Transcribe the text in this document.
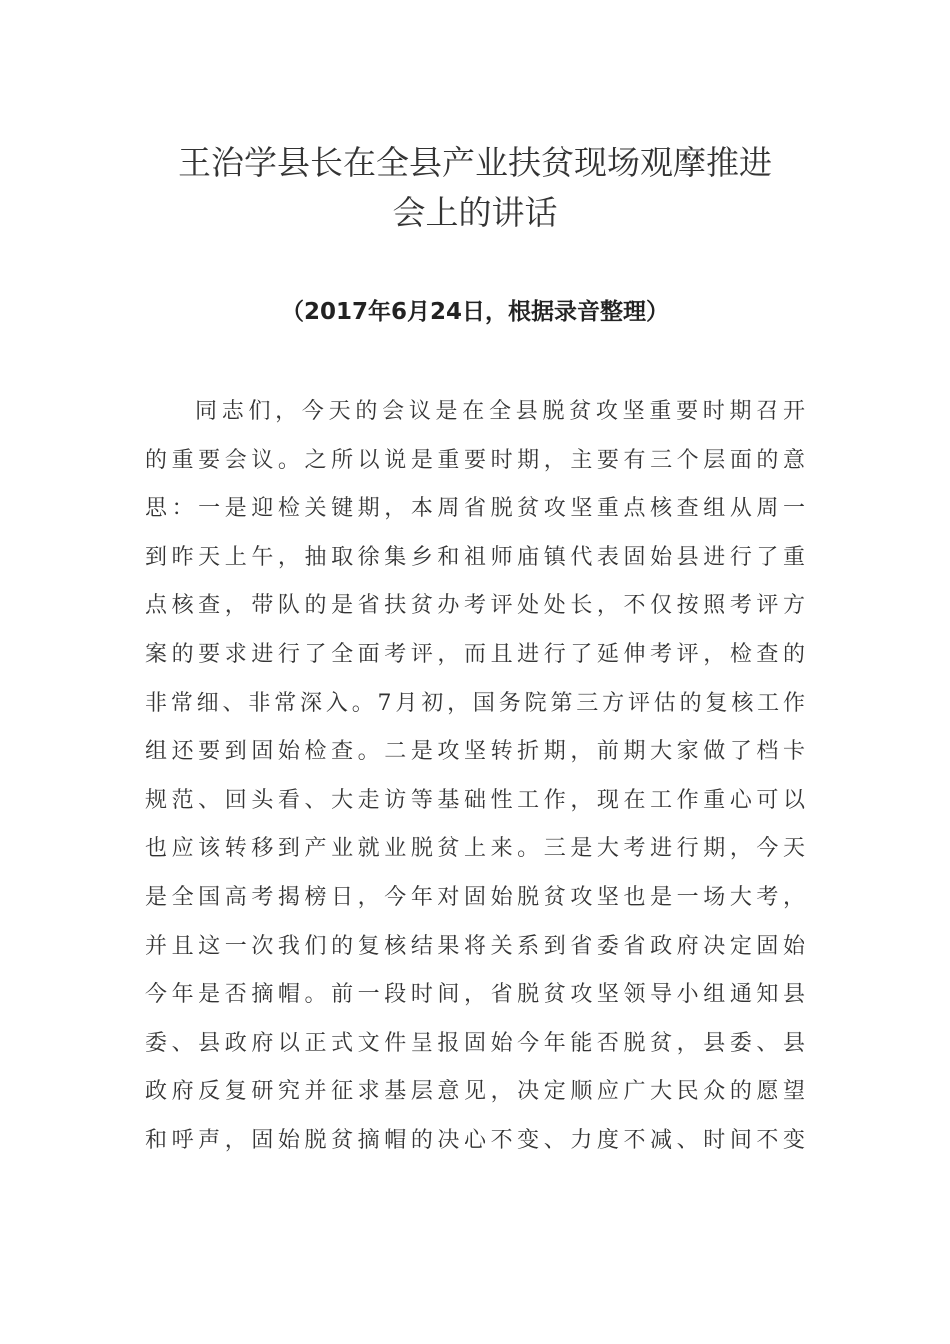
王治学县长在全县产业扶贫现场观摩推进
会上的讲话
（2017年6月24日，根据录音整理）
同志们，今天的会议是在全县脱贫攻坚重要时期召开
的重要会议。之所以说是重要时期，主要有三个层面的意
思：一是迎检关键期，本周省脱贫攻坚重点核查组从周一
到昨天上午，抽取徐集乡和祖师庙镇代表固始县进行了重
点核查，带队的是省扶贫办考评处处长，不仅按照考评方
案的要求进行了全面考评，而且进行了延伸考评，检查的
非常细、非常深入。7月初，国务院第三方评估的复核工作
组还要到固始检查。二是攻坚转折期，前期大家做了档卡
规范、回头看、大走访等基础性工作，现在工作重心可以
也应该转移到产业就业脱贫上来。三是大考进行期，今天
是全国高考揭榜日，今年对固始脱贫攻坚也是一场大考，
并且这一次我们的复核结果将关系到省委省政府决定固始
今年是否摘帽。前一段时间，省脱贫攻坚领导小组通知县
委、县政府以正式文件呈报固始今年能否脱贫，县委、县
政府反复研究并征求基层意见，决定顺应广大民众的愿望
和呼声，固始脱贫摘帽的决心不变、力度不减、时间不变
